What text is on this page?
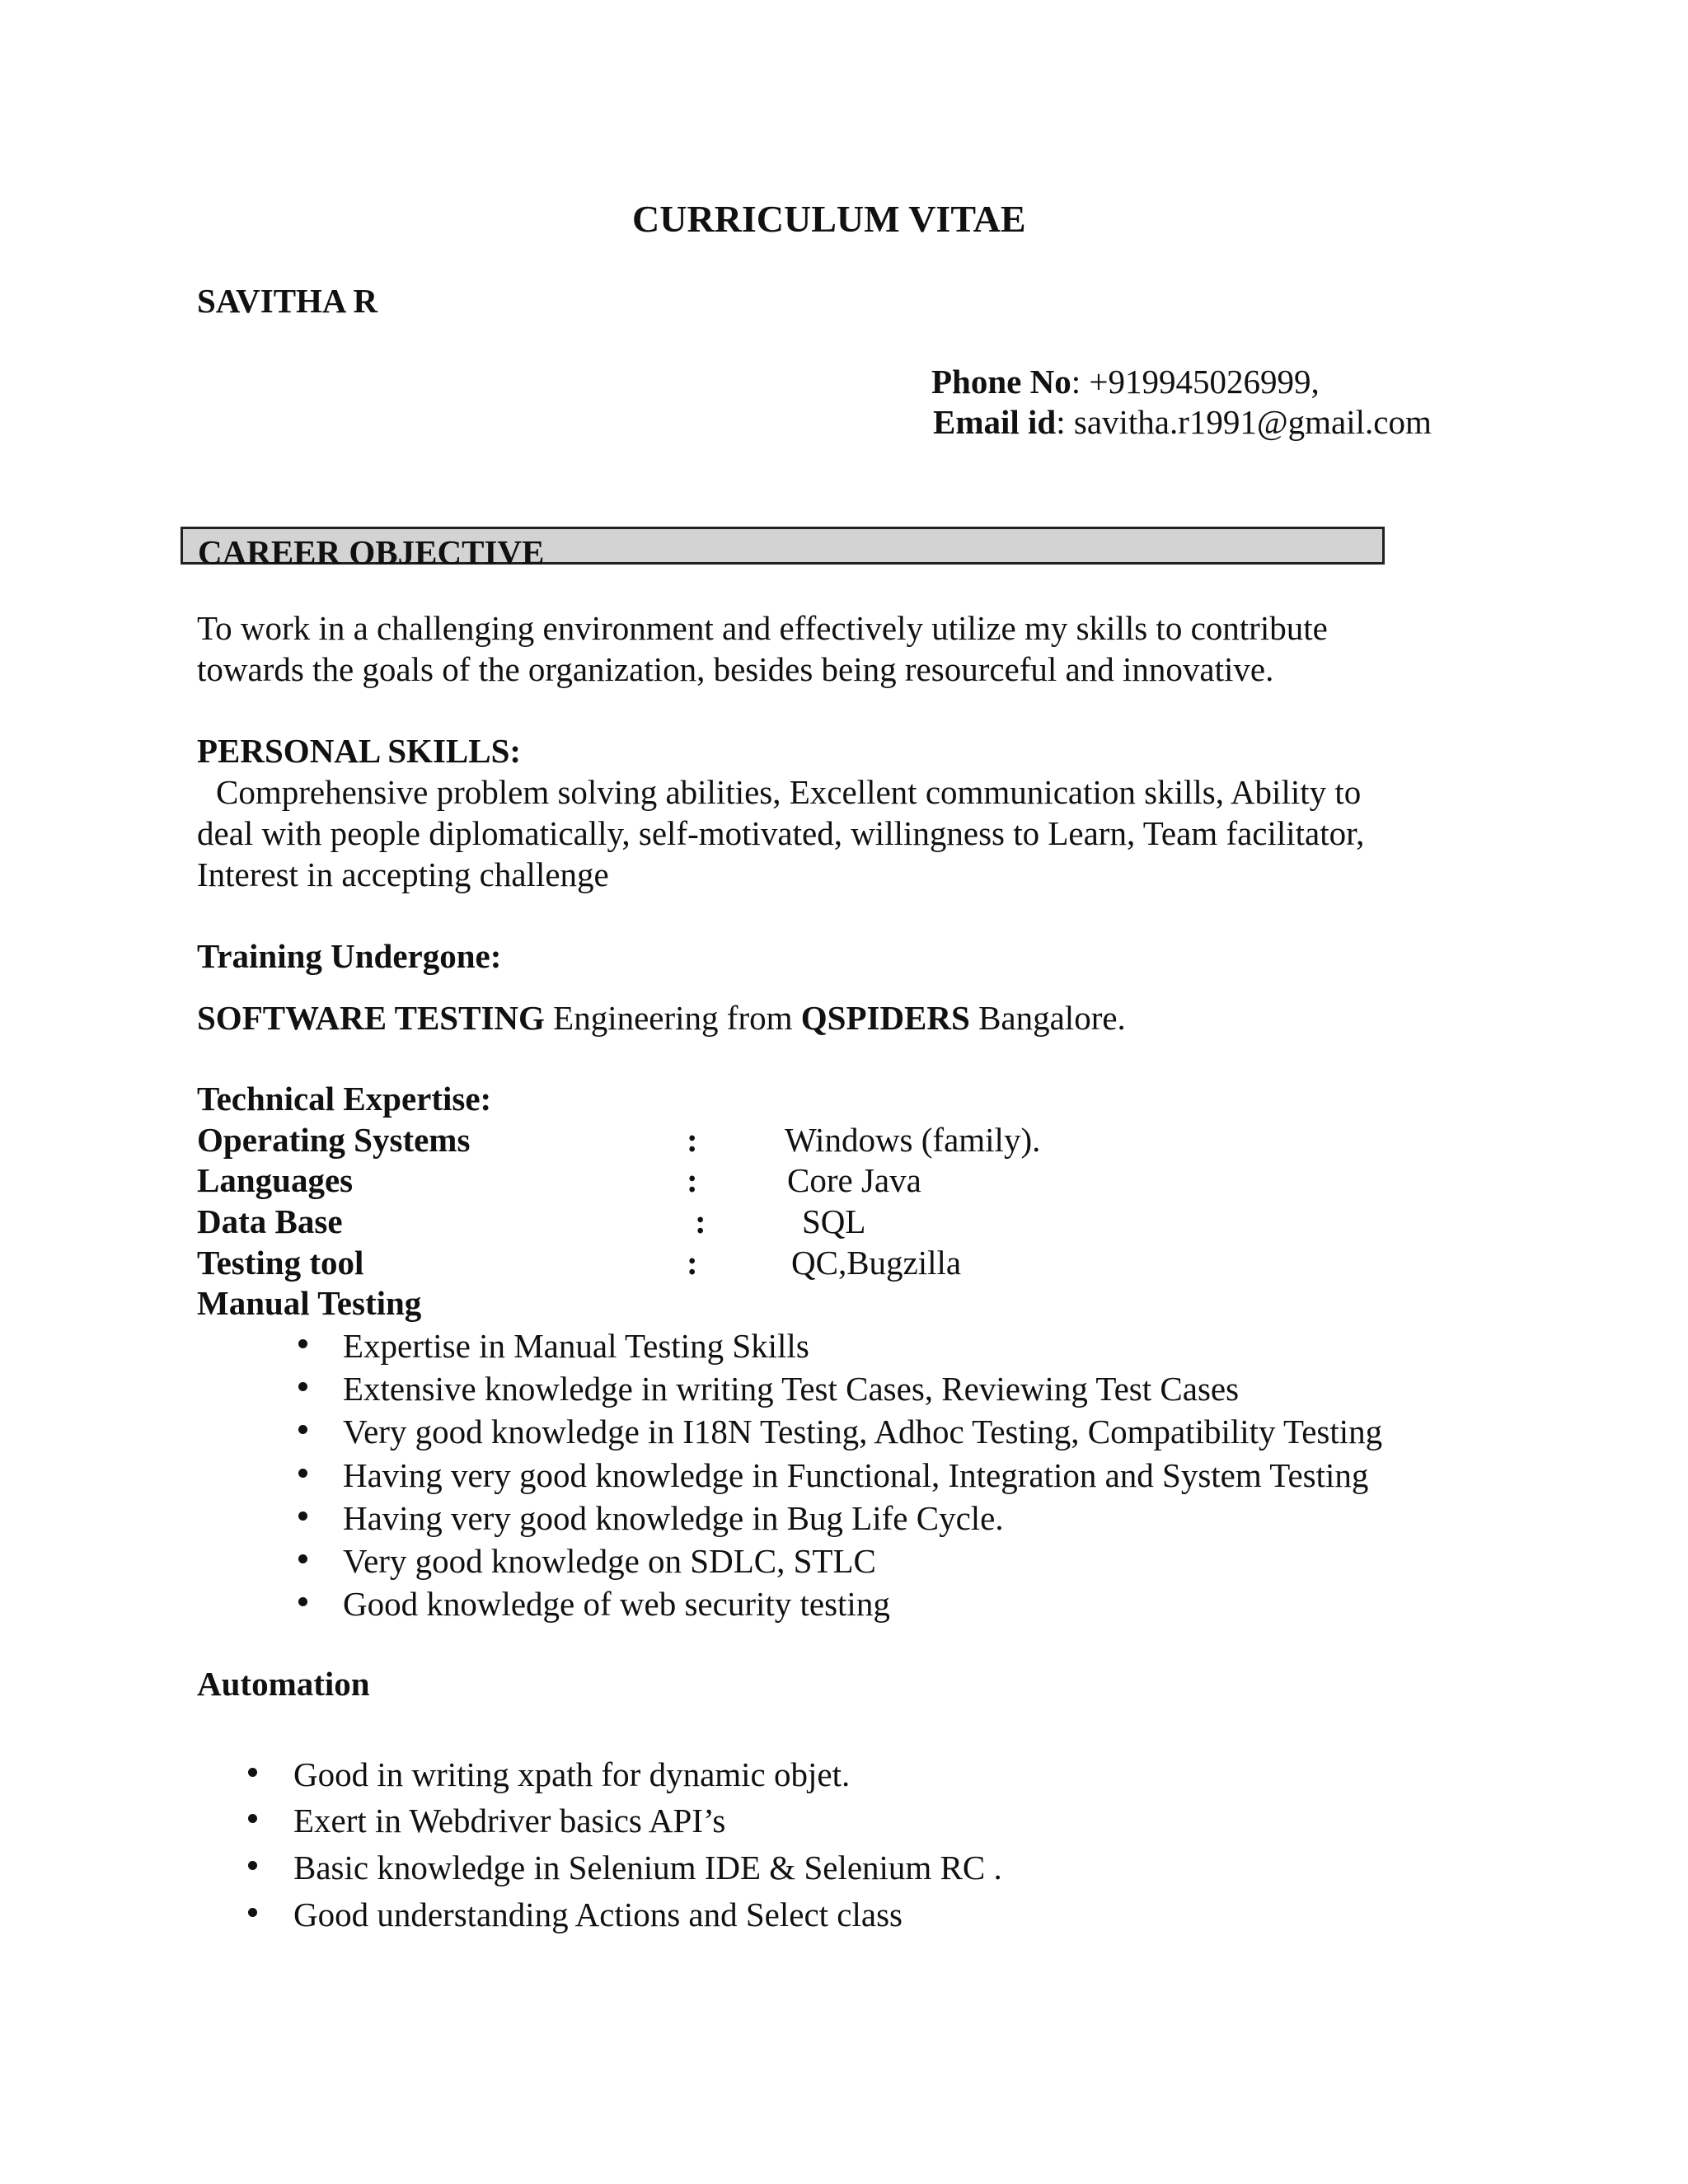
CURRICULUM VITAE
SAVITHA R
Phone No: +919945026999,
Email id: savitha.r1991@gmail.com
CAREER OBJECTIVE
To work in a challenging environment and effectively utilize my skills to contribute
towards the goals of the organization, besides being resourceful and innovative.
PERSONAL SKILLS:
Comprehensive problem solving abilities, Excellent communication skills, Ability to
deal with people diplomatically, self-motivated, willingness to Learn, Team facilitator,
Interest in accepting challenge
Training Undergone:
SOFTWARE TESTING Engineering from QSPIDERS Bangalore.
Technical Expertise:
Operating Systems	:	Windows (family).
Languages	:	Core Java
Data Base	:	SQL
Testing tool	:	QC,Bugzilla
Manual Testing
Expertise in Manual Testing Skills
Extensive knowledge in writing Test Cases, Reviewing Test Cases
Very good knowledge in I18N Testing, Adhoc Testing, Compatibility Testing
Having very good knowledge in Functional, Integration and System Testing
Having very good knowledge in Bug Life Cycle.
Very good knowledge on SDLC, STLC
Good knowledge of web security testing
Automation
Good in writing xpath for dynamic objet.
Exert in Webdriver basics API’s
Basic knowledge in Selenium IDE & Selenium RC .
Good understanding Actions and Select class
